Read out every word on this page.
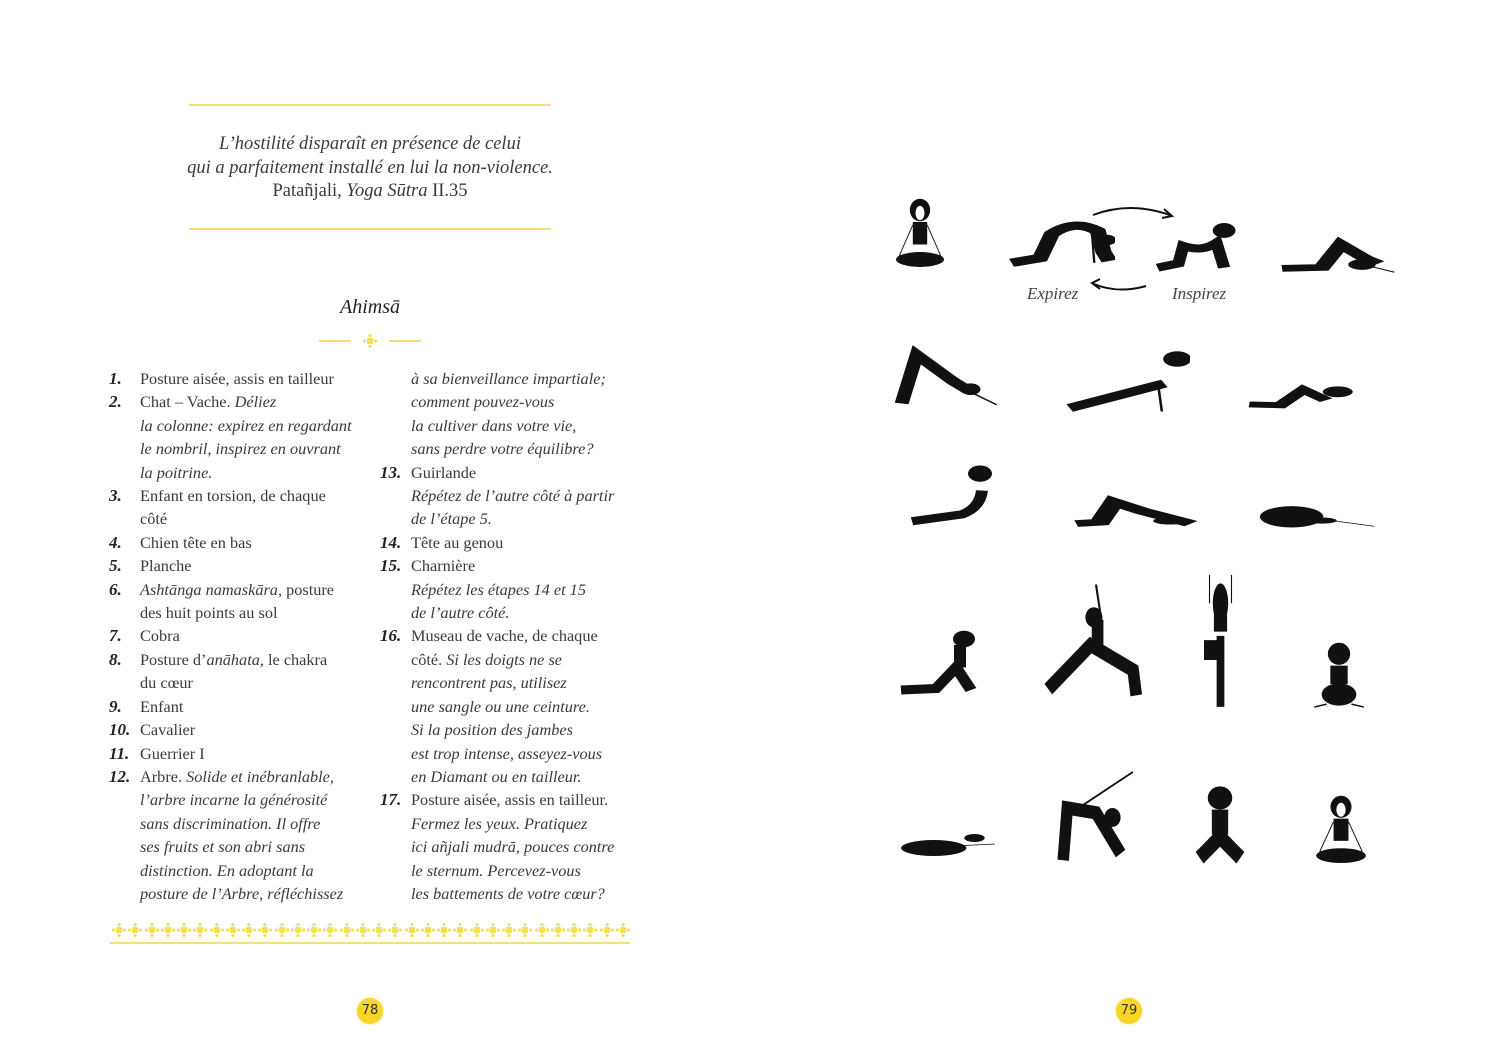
L’hostilité disparaît en présence de celui
qui a parfaitement installé en lui la non-violence.
Patañjali, Yoga Sūtra II.35
Ahimsā
1. Posture aisée, assis en tailleur
2. Chat – Vache. Déliez
la colonne: expirez en regardant
le nombril, inspirez en ouvrant
la poitrine.
3. Enfant en torsion, de chaque
côté
4. Chien tête en bas
5. Planche
6. Ashtānga namaskāra, posture
des huit points au sol
7. Cobra
8. Posture d’anāhata, le chakra
du cœur
9. Enfant
10. Cavalier
11. Guerrier I
12. Arbre. Solide et inébranlable,
l’arbre incarne la générosité
sans discrimination. Il offre
ses fruits et son abri sans
distinction. En adoptant la
posture de l’Arbre, réfléchissez
à sa bienveillance impartiale;
comment pouvez-vous
la cultiver dans votre vie,
sans perdre votre équilibre?
13. Guirlande
Répétez de l’autre côté à partir
de l’étape 5.
14. Tête au genou
15. Charnière
Répétez les étapes 14 et 15
de l’autre côté.
16. Museau de vache, de chaque
côté. Si les doigts ne se
rencontrent pas, utilisez
une sangle ou une ceinture.
Si la position des jambes
est trop intense, asseyez-vous
en Diamant ou en tailleur.
17. Posture aisée, assis en tailleur.
Fermez les yeux. Pratiquez
ici añjali mudrā, pouces contre
le sternum. Percevez-vous
les battements de votre cœur?
78	79
Expirez	Inspirez
